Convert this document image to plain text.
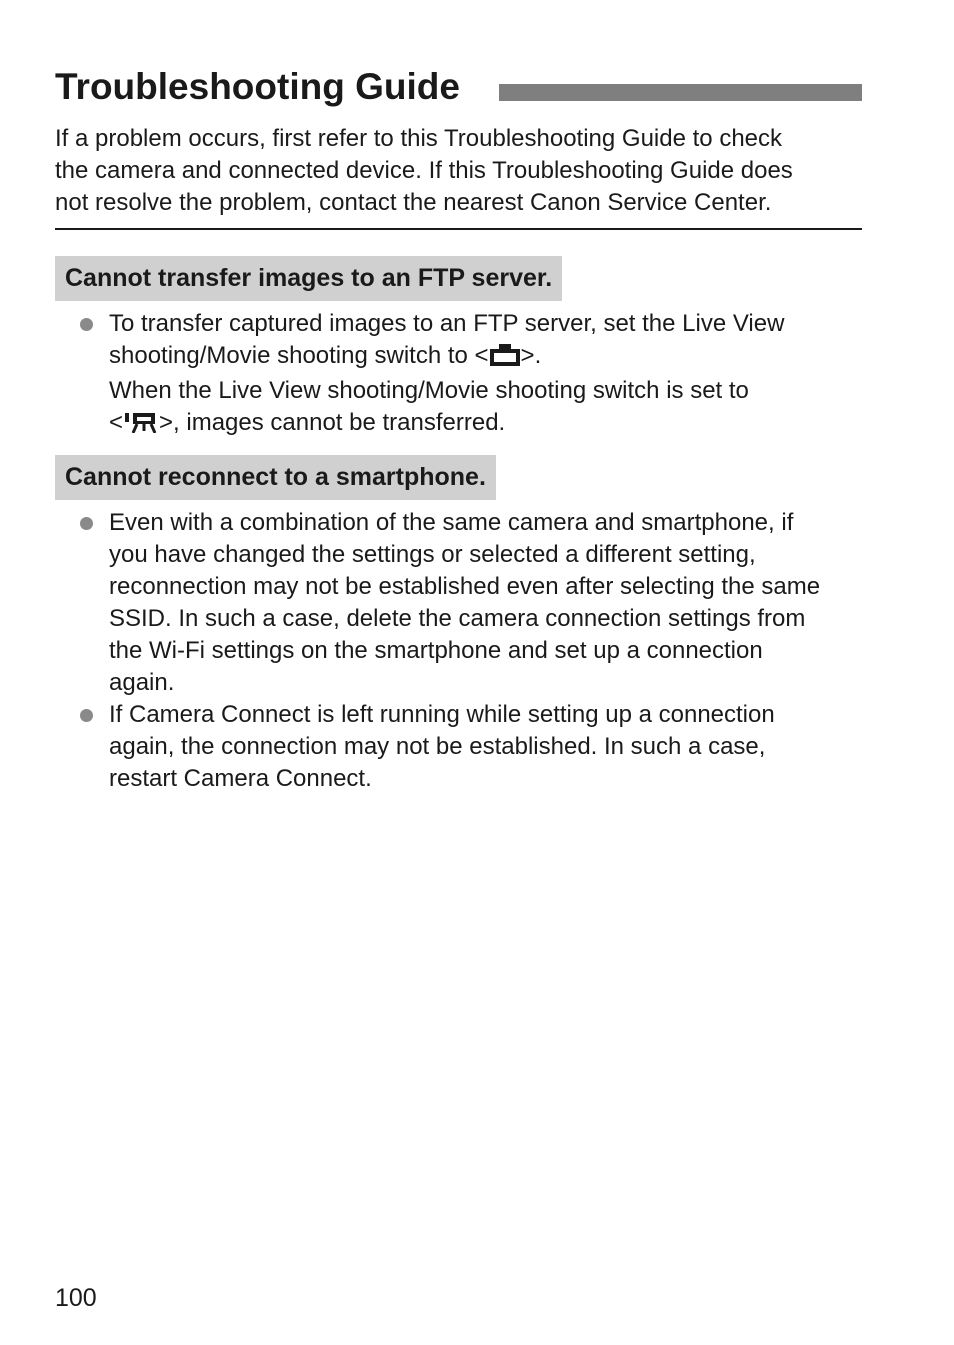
Troubleshooting Guide

If a problem occurs, first refer to this Troubleshooting Guide to check
the camera and connected device. If this Troubleshooting Guide does
not resolve the problem, contact the nearest Canon Service Center.

Cannot transfer images to an FTP server.
To transfer captured images to an FTP server, set the Live View
shooting/Movie shooting switch to < >.
When the Live View shooting/Movie shooting switch is set to
< >, images cannot be transferred.
Cannot reconnect to a smartphone.
Even with a combination of the same camera and smartphone, if
you have changed the settings or selected a different setting,
reconnection may not be established even after selecting the same
SSID. In such a case, delete the camera connection settings from
the Wi-Fi settings on the smartphone and set up a connection
again.
If Camera Connect is left running while setting up a connection
again, the connection may not be established. In such a case,
restart Camera Connect.
100
